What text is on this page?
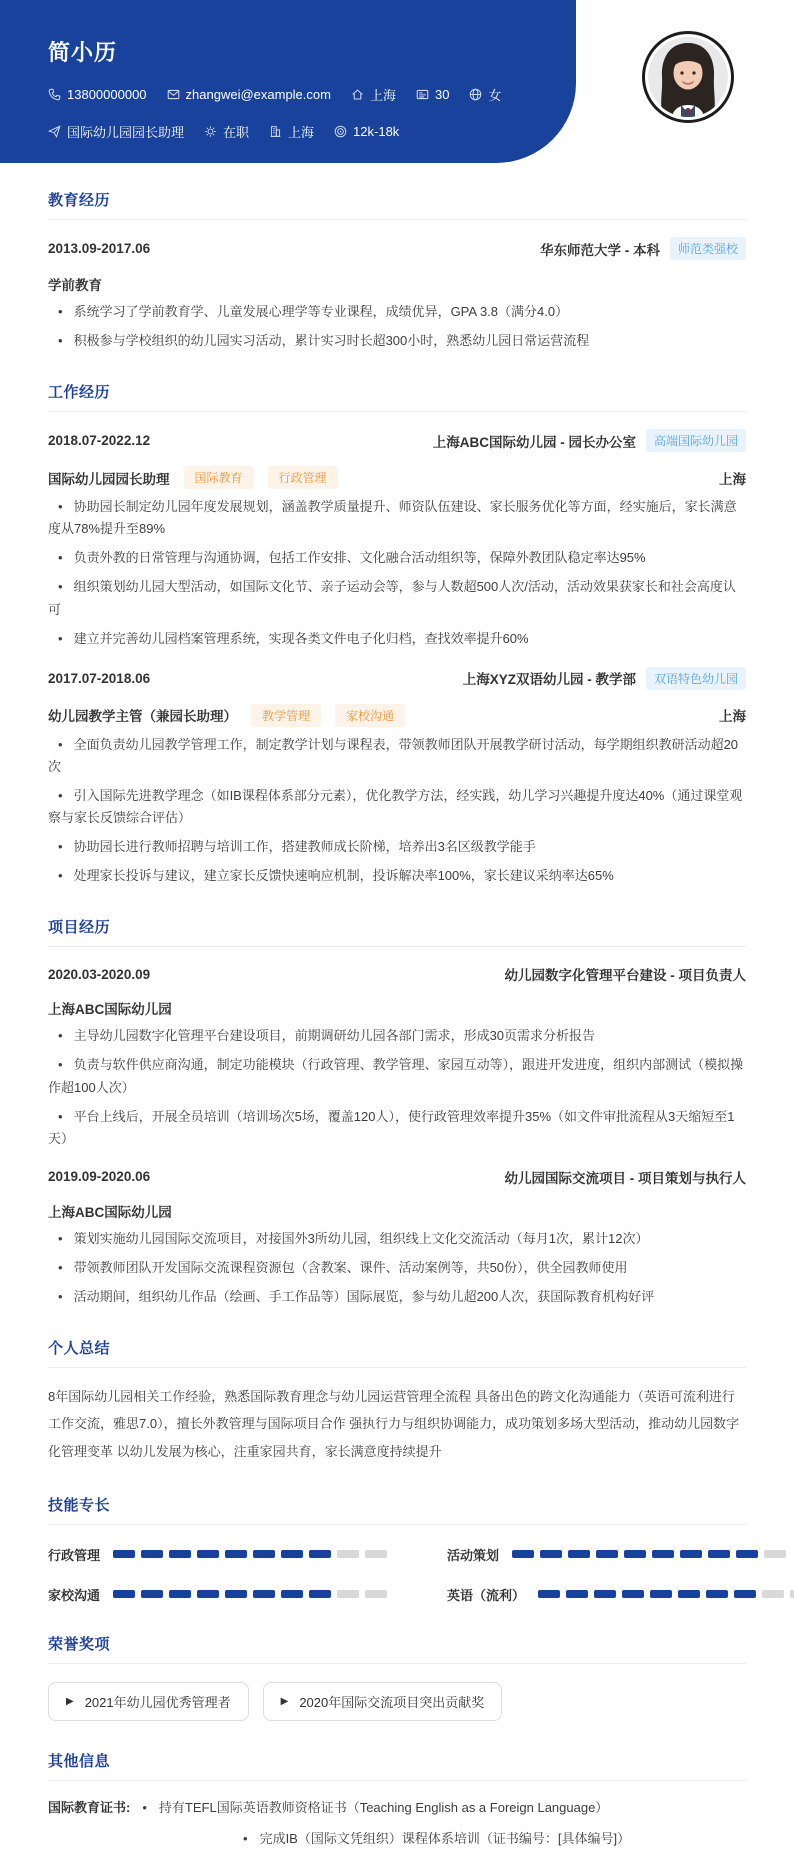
简小历
13800000000	zhangwei@example.com	上海	30	女
国际幼儿园园长助理	在职	上海	12k-18k
教育经历
2013.09-2017.06	华东师范大学 - 本科	师范类强校
学前教育
• 系统学习了学前教育学、儿童发展心理学等专业课程，成绩优异，GPA 3.8（满分4.0）
• 积极参与学校组织的幼儿园实习活动，累计实习时长超300小时，熟悉幼儿园日常运营流程
工作经历
2018.07-2022.12	上海ABC国际幼儿园 - 园长办公室	高端国际幼儿园
国际幼儿园园长助理	国际教育	行政管理	上海
• 协助园长制定幼儿园年度发展规划，涵盖教学质量提升、师资队伍建设、家长服务优化等方面，经实施后，家长满意度从78%提升至89%
• 负责外教的日常管理与沟通协调，包括工作安排、文化融合活动组织等，保障外教团队稳定率达95%
• 组织策划幼儿园大型活动，如国际文化节、亲子运动会等，参与人数超500人次/活动，活动效果获家长和社会高度认可
• 建立并完善幼儿园档案管理系统，实现各类文件电子化归档，查找效率提升60%
2017.07-2018.06	上海XYZ双语幼儿园 - 教学部	双语特色幼儿园
幼儿园教学主管（兼园长助理）	教学管理	家校沟通	上海
• 全面负责幼儿园教学管理工作，制定教学计划与课程表，带领教师团队开展教学研讨活动，每学期组织教研活动超20次
• 引入国际先进教学理念（如IB课程体系部分元素），优化教学方法，经实践，幼儿学习兴趣提升度达40%（通过课堂观察与家长反馈综合评估）
• 协助园长进行教师招聘与培训工作，搭建教师成长阶梯，培养出3名区级教学能手
• 处理家长投诉与建议，建立家长反馈快速响应机制，投诉解决率100%，家长建议采纳率达65%
项目经历
2020.03-2020.09	幼儿园数字化管理平台建设 - 项目负责人
上海ABC国际幼儿园
• 主导幼儿园数字化管理平台建设项目，前期调研幼儿园各部门需求，形成30页需求分析报告
• 负责与软件供应商沟通，制定功能模块（行政管理、教学管理、家园互动等），跟进开发进度，组织内部测试（模拟操作超100人次）
• 平台上线后，开展全员培训（培训场次5场，覆盖120人），使行政管理效率提升35%（如文件审批流程从3天缩短至1天）
2019.09-2020.06	幼儿园国际交流项目 - 项目策划与执行人
上海ABC国际幼儿园
• 策划实施幼儿园国际交流项目，对接国外3所幼儿园，组织线上文化交流活动（每月1次，累计12次）
• 带领教师团队开发国际交流课程资源包（含教案、课件、活动案例等，共50份），供全园教师使用
• 活动期间，组织幼儿作品（绘画、手工作品等）国际展览，参与幼儿超200人次，获国际教育机构好评
个人总结
8年国际幼儿园相关工作经验，熟悉国际教育理念与幼儿园运营管理全流程 具备出色的跨文化沟通能力（英语可流利进行工作交流，雅思7.0），擅长外教管理与国际项目合作 强执行力与组织协调能力，成功策划多场大型活动，推动幼儿园数字化管理变革 以幼儿发展为核心，注重家园共育，家长满意度持续提升
技能专长
行政管理	活动策划
家校沟通	英语（流利）
荣誉奖项
▶ 2021年幼儿园优秀管理者	▶ 2020年国际交流项目突出贡献奖
其他信息
国际教育证书: • 持有TEFL国际英语教师资格证书（Teaching English as a Foreign Language）
• 完成IB（国际文凭组织）课程体系培训（证书编号：[具体编号]）
